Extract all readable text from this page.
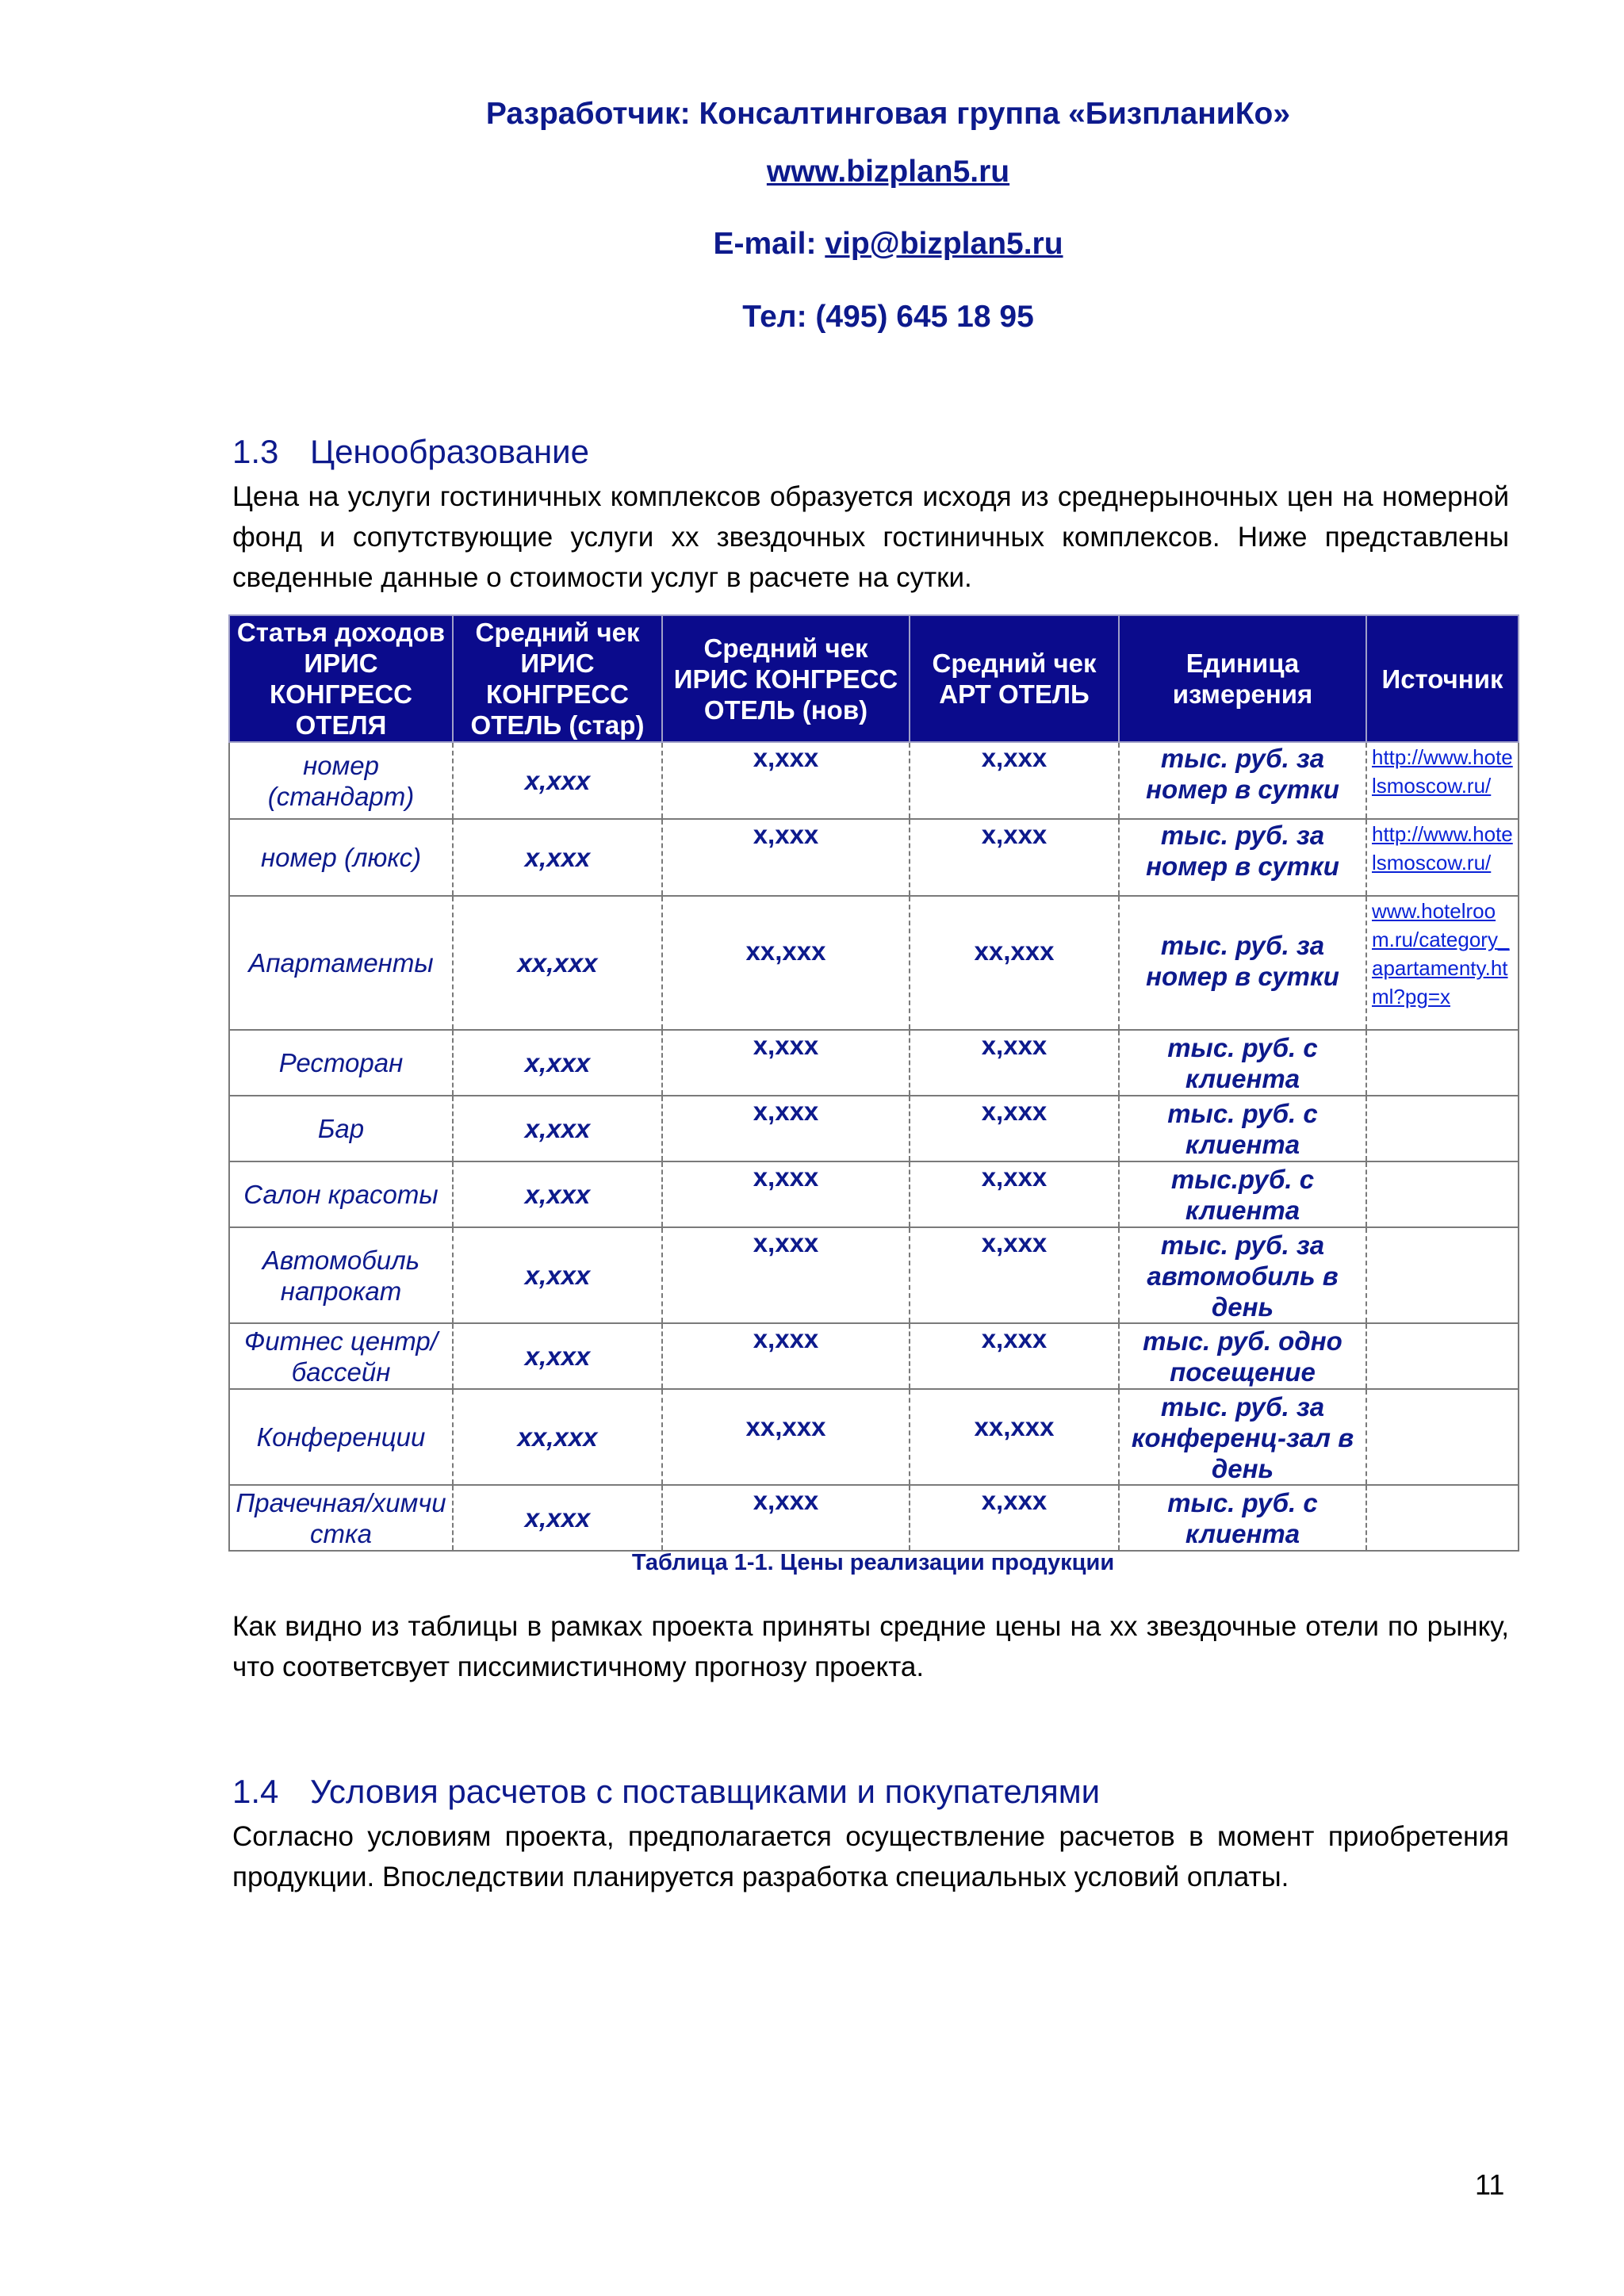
Разработчик: Консалтинговая группа «БизпланиКо»
www.bizplan5.ru
E-mail: vip@bizplan5.ru
Тел: (495) 645 18 95
1.3 Ценообразование

Цена на услуги гостиничных комплексов образуется исходя из среднерыночных цен на номерной фонд и сопутствующие услуги хх звездочных гостиничных комплексов. Ниже представлены сведенные данные о стоимости услуг в расчете на сутки.

Статья доходов ИРИС КОНГРЕСС ОТЕЛЯ	Средний чек ИРИС КОНГРЕСС ОТЕЛЬ (стар)	Средний чек ИРИС КОНГРЕСС ОТЕЛЬ (нов)	Средний чек АРТ ОТЕЛЬ	Единица измерения	Источник
номер (стандарт)	х,ххх	х,ххх	х,ххх	тыс. руб. за номер в сутки	http://www.hotelsmoscow.ru/
номер (люкс)	х,ххх	х,ххх	х,ххх	тыс. руб. за номер в сутки	http://www.hotelsmoscow.ru/
Апартаменты	хх,ххх	хх,ххх	хх,ххх	тыс. руб. за номер в сутки	www.hotelroom.ru/category_apartamenty.html?pg=x
Ресторан	х,ххх	х,ххх	х,ххх	тыс. руб. с клиента	
Бар	х,ххх	х,ххх	х,ххх	тыс. руб. с клиента	
Салон красоты	х,ххх	х,ххх	х,ххх	тыс.руб. с клиента	
Автомобиль напрокат	х,ххх	х,ххх	х,ххх	тыс. руб. за автомобиль в день	
Фитнес центр/бассейн	х,ххх	х,ххх	х,ххх	тыс. руб. одно посещение	
Конференции	хх,ххх	хх,ххх	хх,ххх	тыс. руб. за конференц-зал в день	
Прачечная/химчистка	х,ххх	х,ххх	х,ххх	тыс. руб. с клиента	
Таблица 1-1. Цены реализации продукции

Как видно из таблицы в рамках проекта приняты средние цены на хх звездочные отели по рынку, что соответсвует писсимистичному прогнозу проекта.

1.4 Условия расчетов с поставщиками и покупателями

Согласно условиям проекта, предполагается осуществление расчетов в момент приобретения продукции. Впоследствии планируется разработка специальных условий оплаты.

11
